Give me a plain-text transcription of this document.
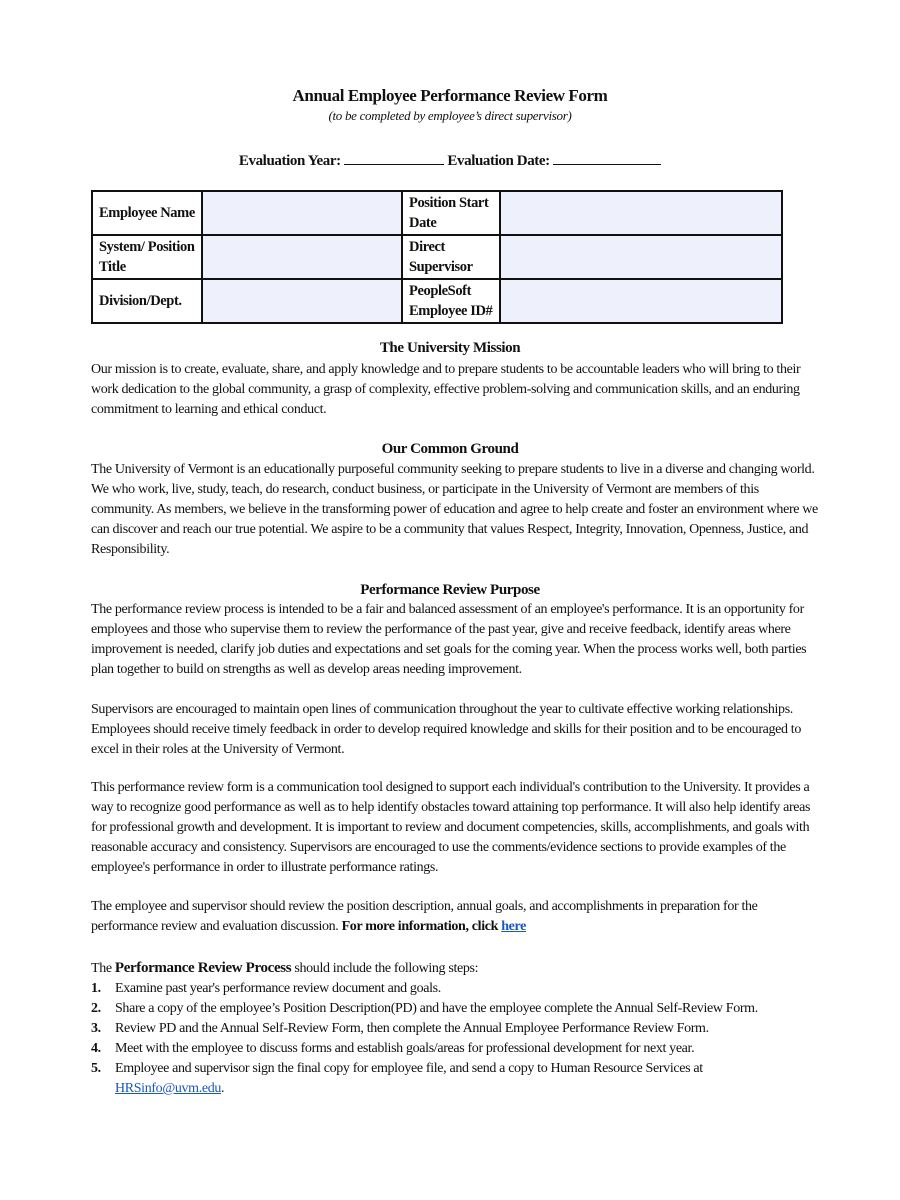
Annual Employee Performance Review Form
(to be completed by employee’s direct supervisor)
Evaluation Year:	Evaluation Date:
Employee Name		Position Start Date	
System/ Position Title		Direct Supervisor	
Division/Dept.		PeopleSoft Employee ID#	
The University Mission

Our mission is to create, evaluate, share, and apply knowledge and to prepare students to be accountable leaders who will bring to their work dedication to the global community, a grasp of complexity, effective problem-solving and communication skills, and an enduring commitment to learning and ethical conduct.

Our Common Ground

The University of Vermont is an educationally purposeful community seeking to prepare students to live in a diverse and changing world. We who work, live, study, teach, do research, conduct business, or participate in the University of Vermont are members of this community. As members, we believe in the transforming power of education and agree to help create and foster an environment where we can discover and reach our true potential. We aspire to be a community that values Respect, Integrity, Innovation, Openness, Justice, and Responsibility.

Performance Review Purpose

The performance review process is intended to be a fair and balanced assessment of an employee's performance. It is an opportunity for employees and those who supervise them to review the performance of the past year, give and receive feedback, identify areas where improvement is needed, clarify job duties and expectations and set goals for the coming year. When the process works well, both parties plan together to build on strengths as well as develop areas needing improvement.

Supervisors are encouraged to maintain open lines of communication throughout the year to cultivate effective working relationships. Employees should receive timely feedback in order to develop required knowledge and skills for their position and to be encouraged to excel in their roles at the University of Vermont.

This performance review form is a communication tool designed to support each individual's contribution to the University. It provides a way to recognize good performance as well as to help identify obstacles toward attaining top performance. It will also help identify areas for professional growth and development. It is important to review and document competencies, skills, accomplishments, and goals with reasonable accuracy and consistency. Supervisors are encouraged to use the comments/evidence sections to provide examples of the employee's performance in order to illustrate performance ratings.

The employee and supervisor should review the position description, annual goals, and accomplishments in preparation for the performance review and evaluation discussion. For more information, click here

The Performance Review Process should include the following steps:

1. Examine past year's performance review document and goals.
2. Share a copy of the employee’s Position Description(PD) and have the employee complete the Annual Self-Review Form.
3. Review PD and the Annual Self-Review Form, then complete the Annual Employee Performance Review Form.
4. Meet with the employee to discuss forms and establish goals/areas for professional development for next year.
5. Employee and supervisor sign the final copy for employee file, and send a copy to Human Resource Services at
HRSinfo@uvm.edu.
